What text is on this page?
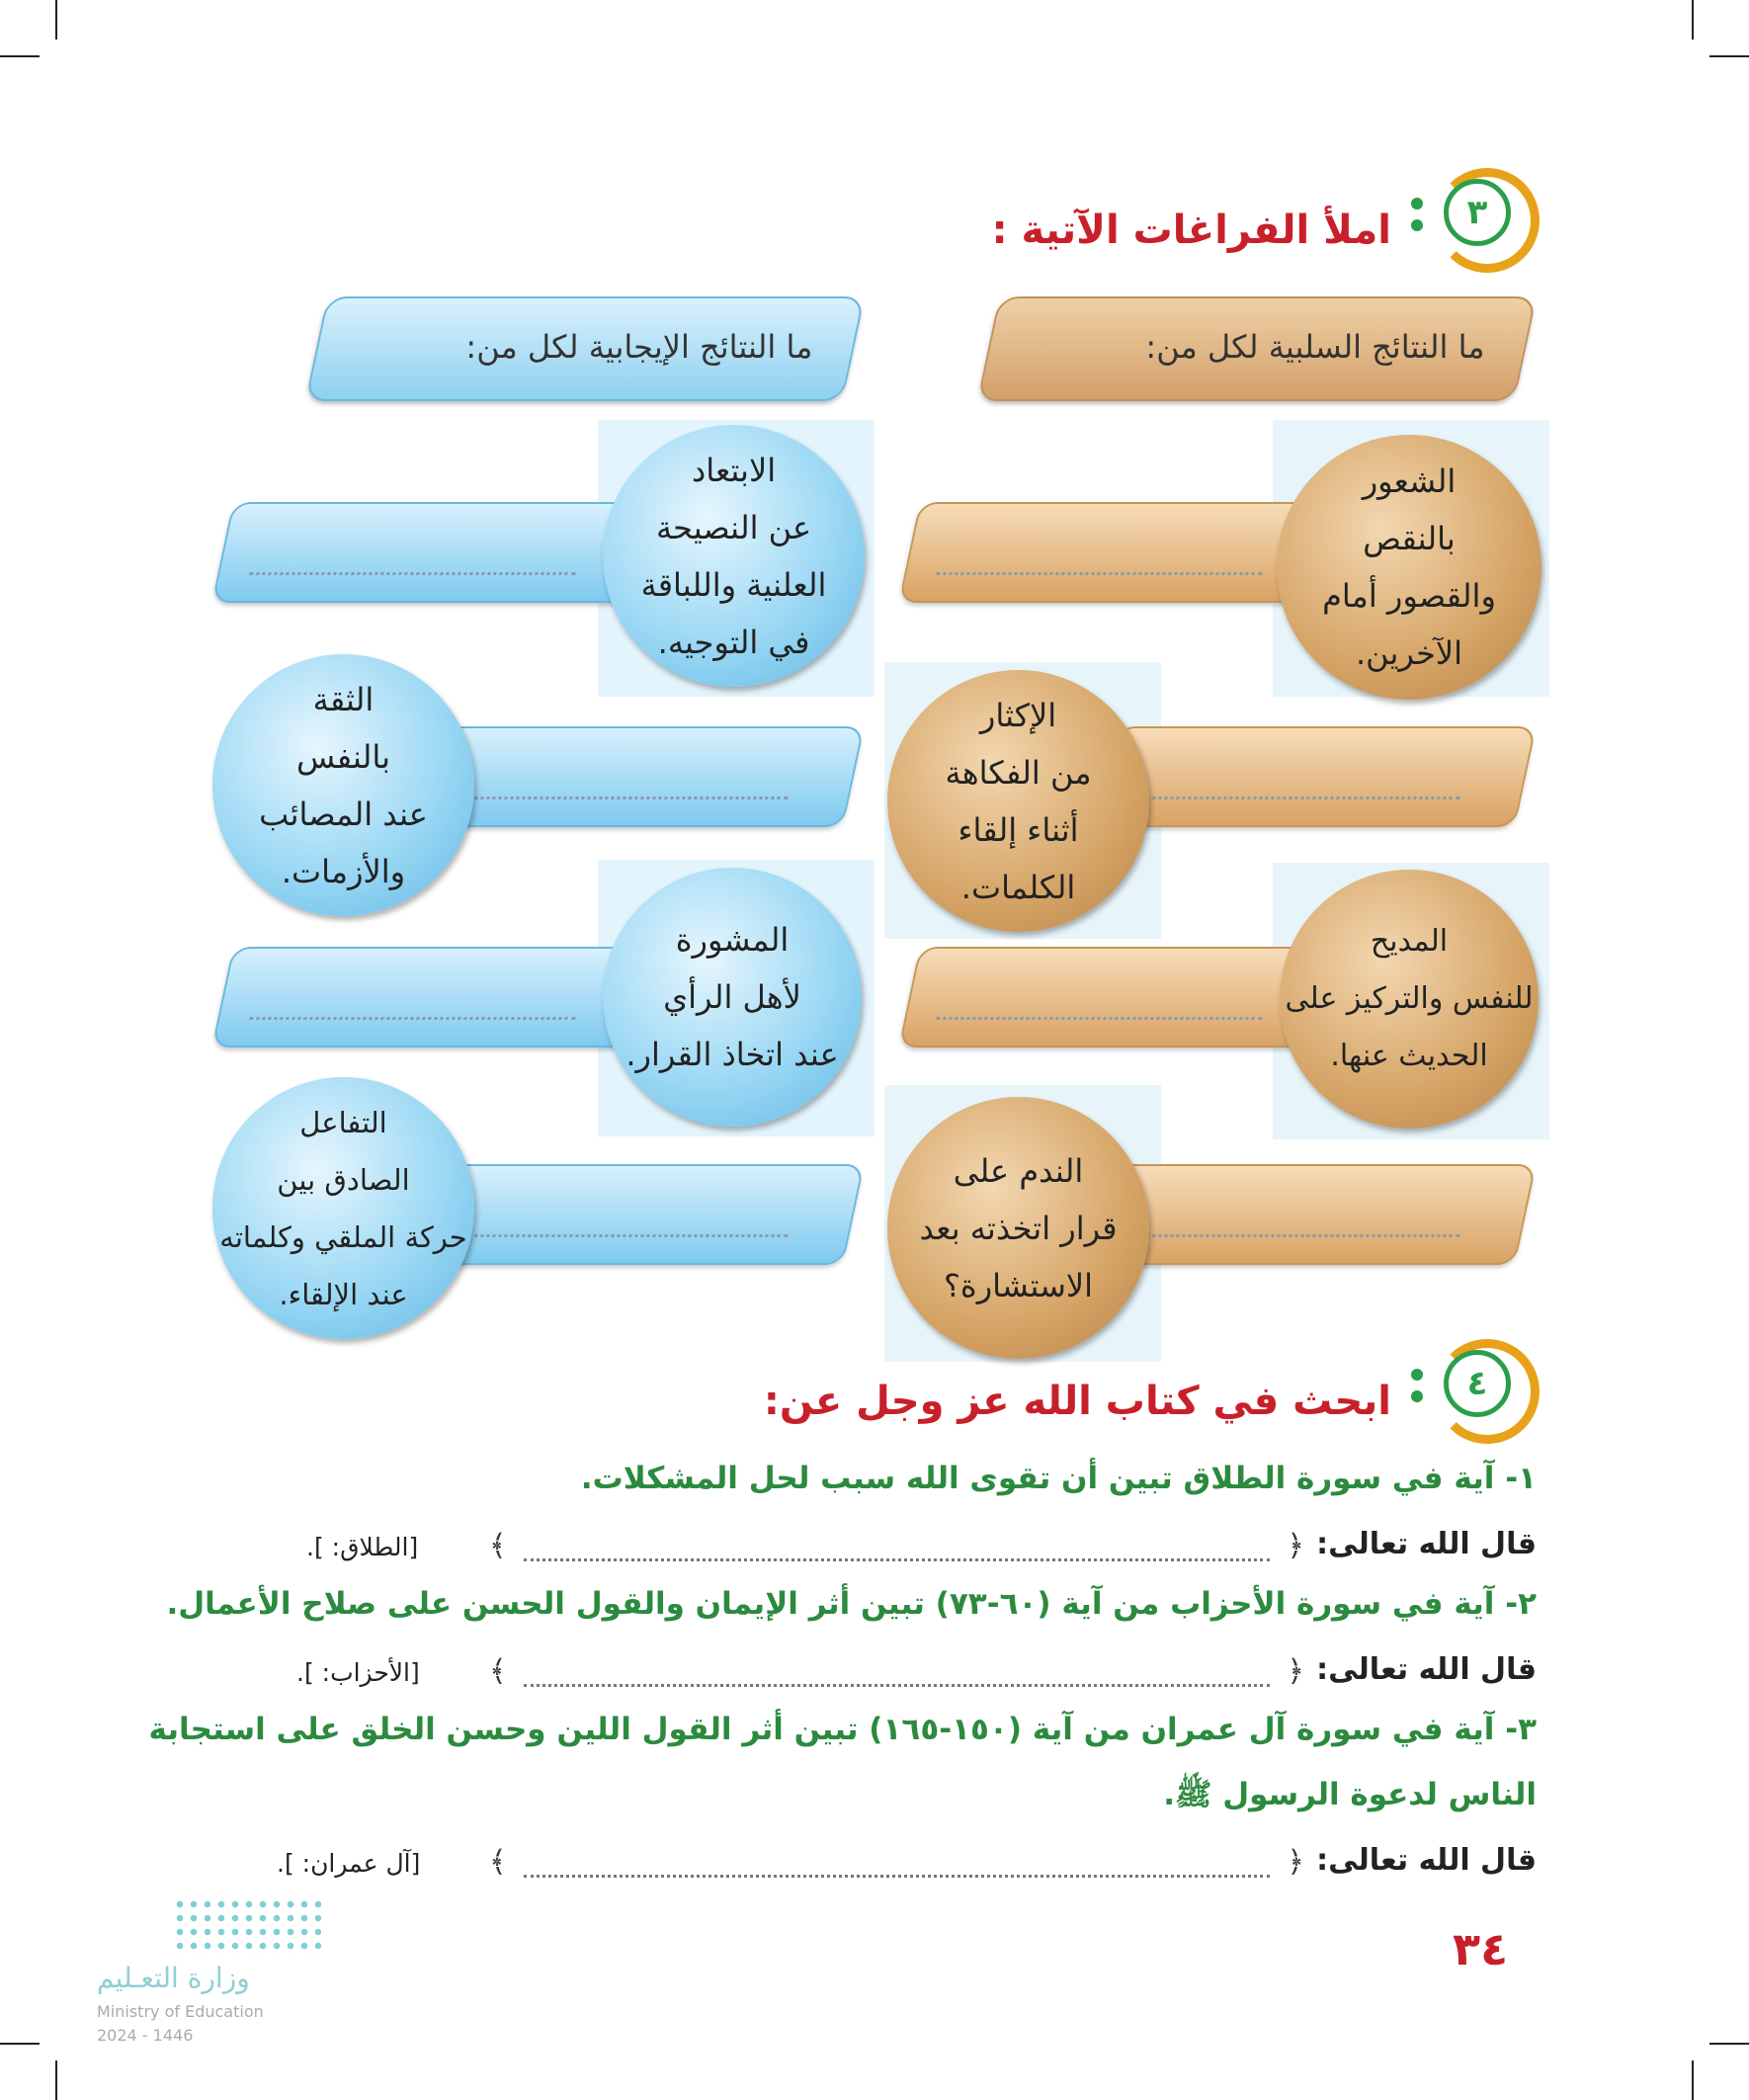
٣
املأ الفراغات الآتية :
ما النتائج السلبية لكل من:
ما النتائج الإيجابية لكل من:
الشعور
بالنقص
والقصور أمام
الآخرين.
الإكثار
من الفكاهة
أثناء إلقاء
الكلمات.
المديح
للنفس والتركيز على
الحديث عنها.
الندم على
قرار اتخذته بعد
الاستشارة؟
الابتعاد
عن النصيحة
العلنية واللباقة
في التوجيه.
الثقة
بالنفس
عند المصائب
والأزمات.
المشورة
لأهل الرأي
عند اتخاذ القرار.
التفاعل
الصادق بين
حركة الملقي وكلماته
عند الإلقاء.
٤
ابحث في كتاب الله عز وجل عن:
١- آية في سورة الطلاق تبين أن تقوى الله سبب لحل المشكلات.
قال الله تعالى:
﴿
﴾
[الطلاق: ].
٢- آية في سورة الأحزاب من آية (٦٠-٧٣) تبين أثر الإيمان والقول الحسن على صلاح الأعمال.
قال الله تعالى:
﴿
﴾
[الأحزاب: ].
٣- آية في سورة آل عمران من آية (١٥٠-١٦٥) تبين أثر القول اللين وحسن الخلق على استجابة
الناس لدعوة الرسول ﷺ.
قال الله تعالى:
﴿
﴾
[آل عمران: ].
وزارة التعـليم
Ministry of Education
2024 - 1446
٣٤
